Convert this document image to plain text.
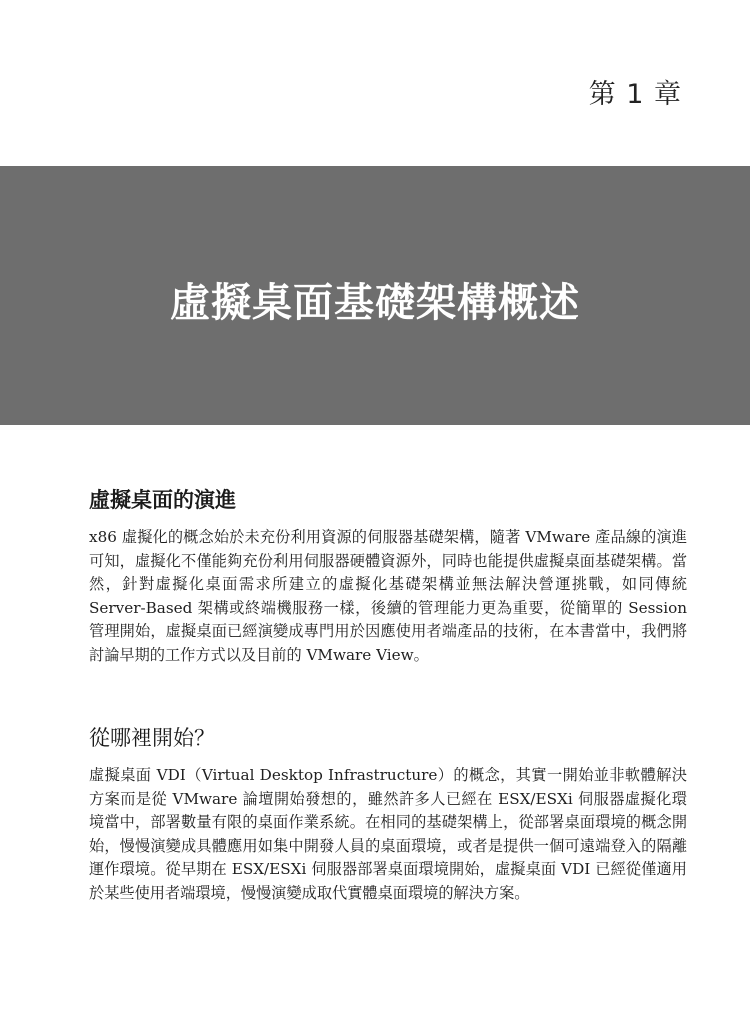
第 1 章
虛擬桌面基礎架構概述
虛擬桌面的演進

x86 虛擬化的概念始於未充份利用資源的伺服器基礎架構，隨著 VMware 產品線的演進可知，虛擬化不僅能夠充份利用伺服器硬體資源外，同時也能提供虛擬桌面基礎架構。當然，針對虛擬化桌面需求所建立的虛擬化基礎架構並無法解決營運挑戰，如同傳統 Server-Based 架構或終端機服務一樣，後續的管理能力更為重要，從簡單的 Session 管理開始，虛擬桌面已經演變成專門用於因應使用者端產品的技術，在本書當中，我們將討論早期的工作方式以及目前的 VMware View。

從哪裡開始？

虛擬桌面 VDI（Virtual Desktop Infrastructure）的概念，其實一開始並非軟體解決方案而是從 VMware 論壇開始發想的，雖然許多人已經在 ESX/ESXi 伺服器虛擬化環境當中，部署數量有限的桌面作業系統。在相同的基礎架構上，從部署桌面環境的概念開始，慢慢演變成具體應用如集中開發人員的桌面環境，或者是提供一個可遠端登入的隔離運作環境。從早期在 ESX/ESXi 伺服器部署桌面環境開始，虛擬桌面 VDI 已經從僅適用於某些使用者端環境，慢慢演變成取代實體桌面環境的解決方案。
